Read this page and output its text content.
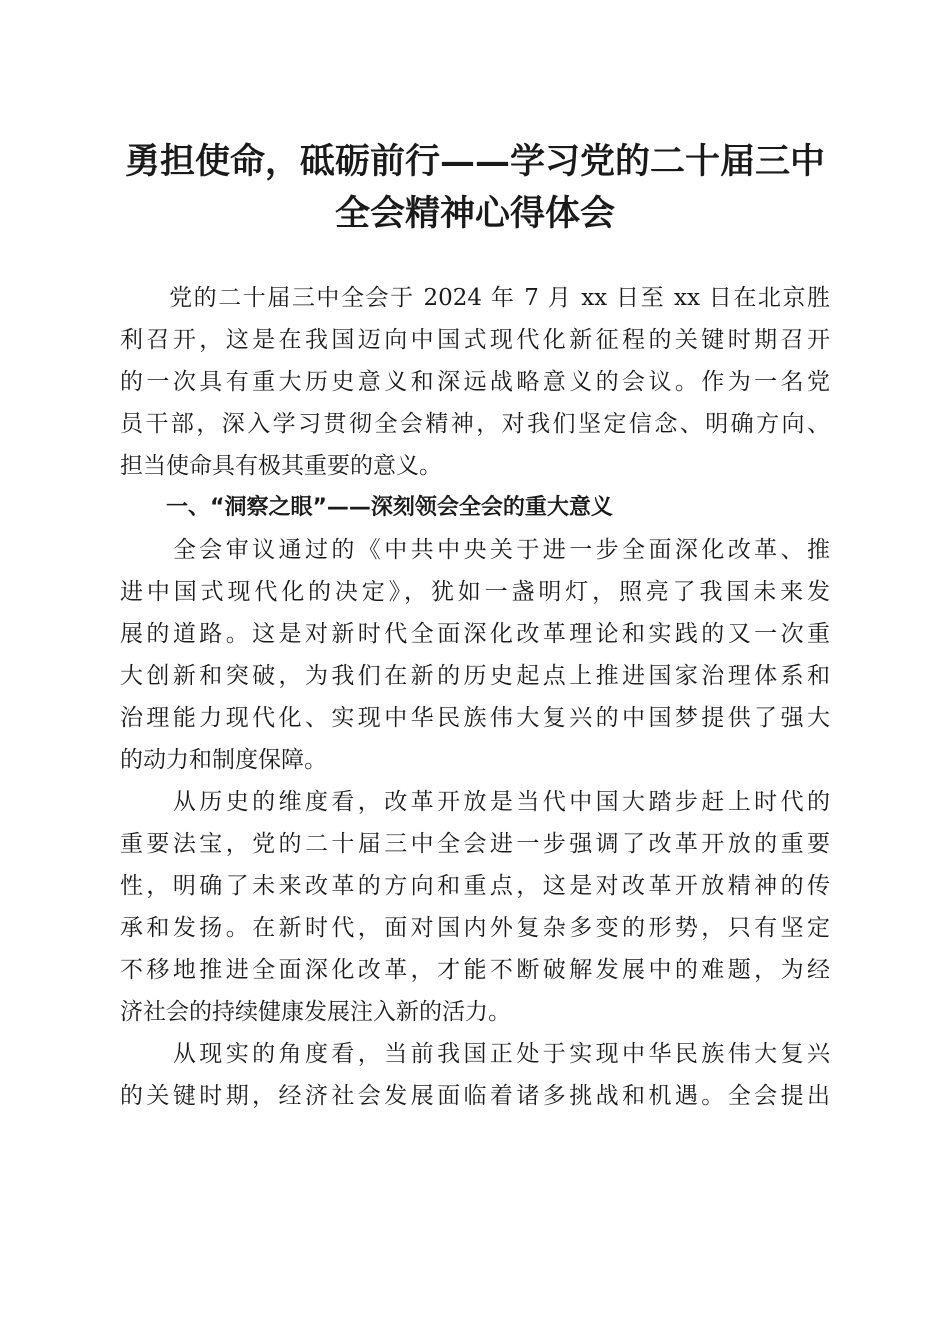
勇担使命，砥砺前行——学习党的二十届三中
全会精神心得体会
　　党的二十届三中全会于 2024 年 7 月 xx 日至 xx 日在北京胜
利召开，这是在我国迈向中国式现代化新征程的关键时期召开
的一次具有重大历史意义和深远战略意义的会议。作为一名党
员干部，深入学习贯彻全会精神，对我们坚定信念、明确方向、
担当使命具有极其重要的意义。
一、“洞察之眼”——深刻领会全会的重大意义
　　全会审议通过的《中共中央关于进一步全面深化改革、推
进中国式现代化的决定》，犹如一盏明灯，照亮了我国未来发
展的道路。这是对新时代全面深化改革理论和实践的又一次重
大创新和突破，为我们在新的历史起点上推进国家治理体系和
治理能力现代化、实现中华民族伟大复兴的中国梦提供了强大
的动力和制度保障。
　　从历史的维度看，改革开放是当代中国大踏步赶上时代的
重要法宝，党的二十届三中全会进一步强调了改革开放的重要
性，明确了未来改革的方向和重点，这是对改革开放精神的传
承和发扬。在新时代，面对国内外复杂多变的形势，只有坚定
不移地推进全面深化改革，才能不断破解发展中的难题，为经
济社会的持续健康发展注入新的活力。
　　从现实的角度看，当前我国正处于实现中华民族伟大复兴
的关键时期，经济社会发展面临着诸多挑战和机遇。全会提出
